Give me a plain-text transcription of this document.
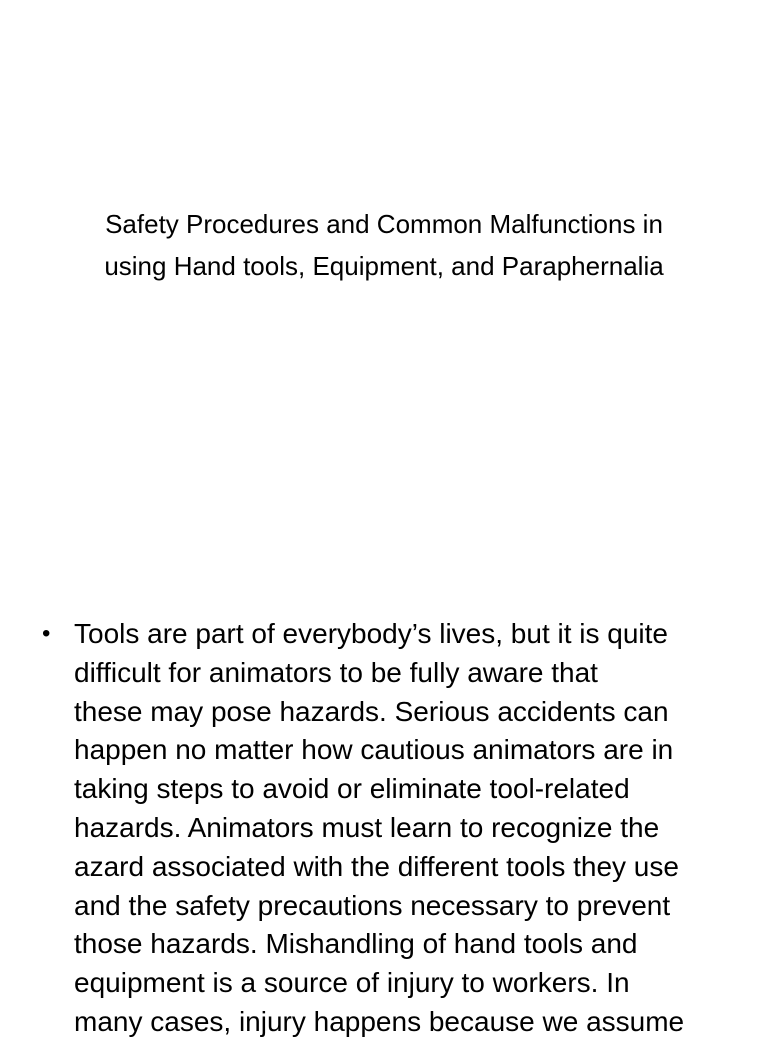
Safety Procedures and Common Malfunctions in
using Hand tools, Equipment, and Paraphernalia
• Tools are part of everybody’s lives, but it is quite
difficult for animators to be fully aware that
these may pose hazards. Serious accidents can
happen no matter how cautious animators are in
taking steps to avoid or eliminate tool-related
hazards. Animators must learn to recognize the
azard associated with the different tools they use
and the safety precautions necessary to prevent
those hazards. Mishandling of hand tools and
equipment is a source of injury to workers. In
many cases, injury happens because we assume
